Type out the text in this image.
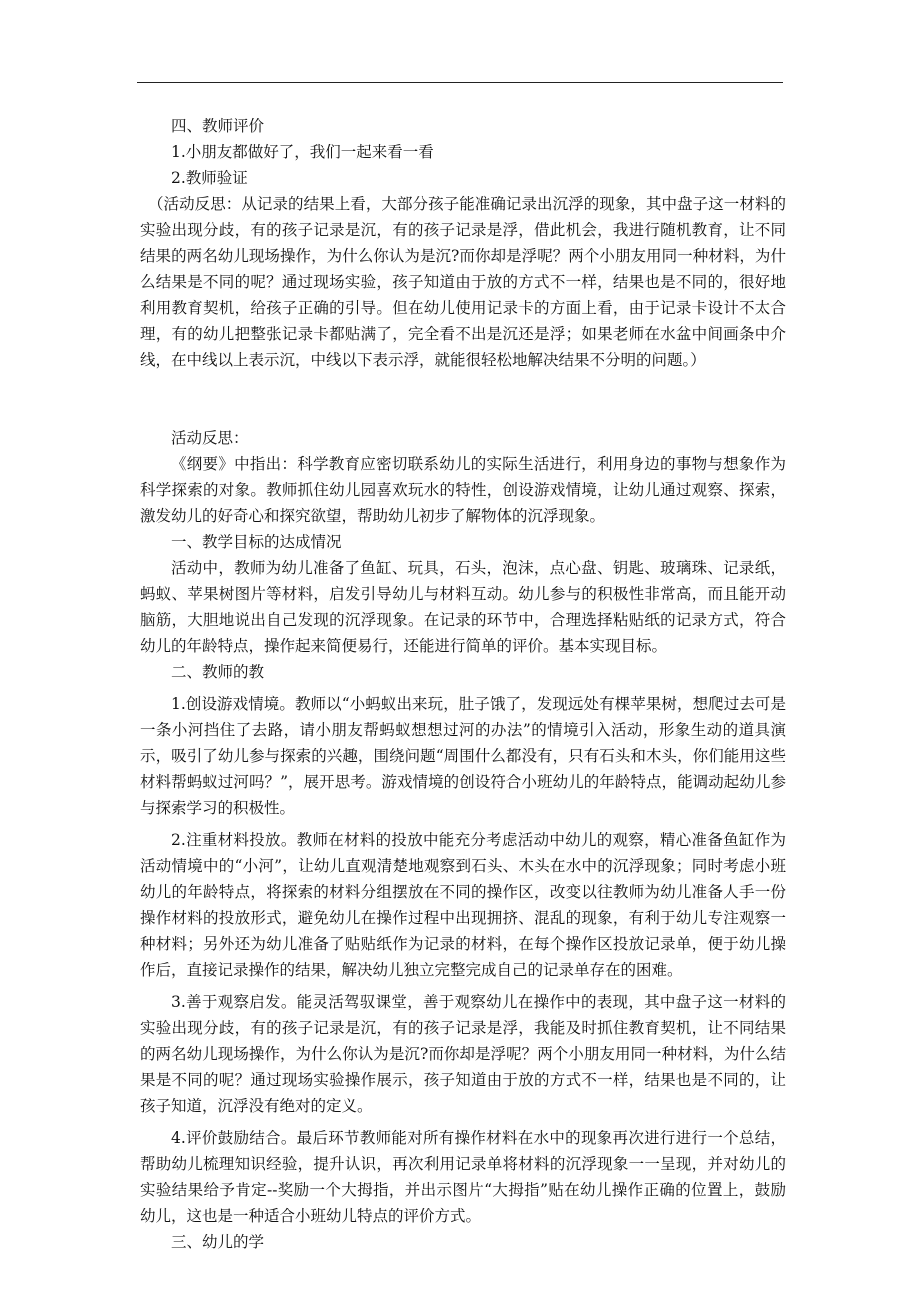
四、教师评价

1.小朋友都做好了，我们一起来看一看

2.教师验证

（活动反思：从记录的结果上看，大部分孩子能准确记录出沉浮的现象，其中盘子这一材料的实验出现分歧，有的孩子记录是沉，有的孩子记录是浮，借此机会，我进行随机教育，让不同结果的两名幼儿现场操作，为什么你认为是沉?而你却是浮呢？两个小朋友用同一种材料，为什么结果是不同的呢？通过现场实验，孩子知道由于放的方式不一样，结果也是不同的，很好地利用教育契机，给孩子正确的引导。但在幼儿使用记录卡的方面上看，由于记录卡设计不太合理，有的幼儿把整张记录卡都贴满了，完全看不出是沉还是浮；如果老师在水盆中间画条中介线，在中线以上表示沉，中线以下表示浮，就能很轻松地解决结果不分明的问题。）

活动反思：

《纲要》中指出：科学教育应密切联系幼儿的实际生活进行，利用身边的事物与想象作为科学探索的对象。教师抓住幼儿园喜欢玩水的特性，创设游戏情境，让幼儿通过观察、探索，激发幼儿的好奇心和探究欲望，帮助幼儿初步了解物体的沉浮现象。

一、教学目标的达成情况

活动中，教师为幼儿准备了鱼缸、玩具，石头，泡沫，点心盘、钥匙、玻璃珠、记录纸，蚂蚁、苹果树图片等材料，启发引导幼儿与材料互动。幼儿参与的积极性非常高，而且能开动脑筋，大胆地说出自己发现的沉浮现象。在记录的环节中，合理选择粘贴纸的记录方式，符合幼儿的年龄特点，操作起来简便易行，还能进行简单的评价。基本实现目标。

二、教师的教

1.创设游戏情境。教师以“小蚂蚁出来玩，肚子饿了，发现远处有棵苹果树，想爬过去可是一条小河挡住了去路，请小朋友帮蚂蚁想想过河的办法”的情境引入活动，形象生动的道具演示，吸引了幼儿参与探索的兴趣，围绕问题“周围什么都没有，只有石头和木头，你们能用这些材料帮蚂蚁过河吗？”，展开思考。游戏情境的创设符合小班幼儿的年龄特点，能调动起幼儿参与探索学习的积极性。

2.注重材料投放。教师在材料的投放中能充分考虑活动中幼儿的观察，精心准备鱼缸作为活动情境中的“小河”，让幼儿直观清楚地观察到石头、木头在水中的沉浮现象；同时考虑小班幼儿的年龄特点，将探索的材料分组摆放在不同的操作区，改变以往教师为幼儿准备人手一份操作材料的投放形式，避免幼儿在操作过程中出现拥挤、混乱的现象，有利于幼儿专注观察一种材料；另外还为幼儿准备了贴贴纸作为记录的材料，在每个操作区投放记录单，便于幼儿操作后，直接记录操作的结果，解决幼儿独立完整完成自己的记录单存在的困难。

3.善于观察启发。能灵活驾驭课堂，善于观察幼儿在操作中的表现，其中盘子这一材料的实验出现分歧，有的孩子记录是沉，有的孩子记录是浮，我能及时抓住教育契机，让不同结果的两名幼儿现场操作，为什么你认为是沉?而你却是浮呢？两个小朋友用同一种材料，为什么结果是不同的呢？通过现场实验操作展示，孩子知道由于放的方式不一样，结果也是不同的，让孩子知道，沉浮没有绝对的定义。

4.评价鼓励结合。最后环节教师能对所有操作材料在水中的现象再次进行进行一个总结，帮助幼儿梳理知识经验，提升认识，再次利用记录单将材料的沉浮现象一一呈现，并对幼儿的实验结果给予肯定--奖励一个大拇指，并出示图片“大拇指”贴在幼儿操作正确的位置上，鼓励幼儿，这也是一种适合小班幼儿特点的评价方式。

三、幼儿的学
